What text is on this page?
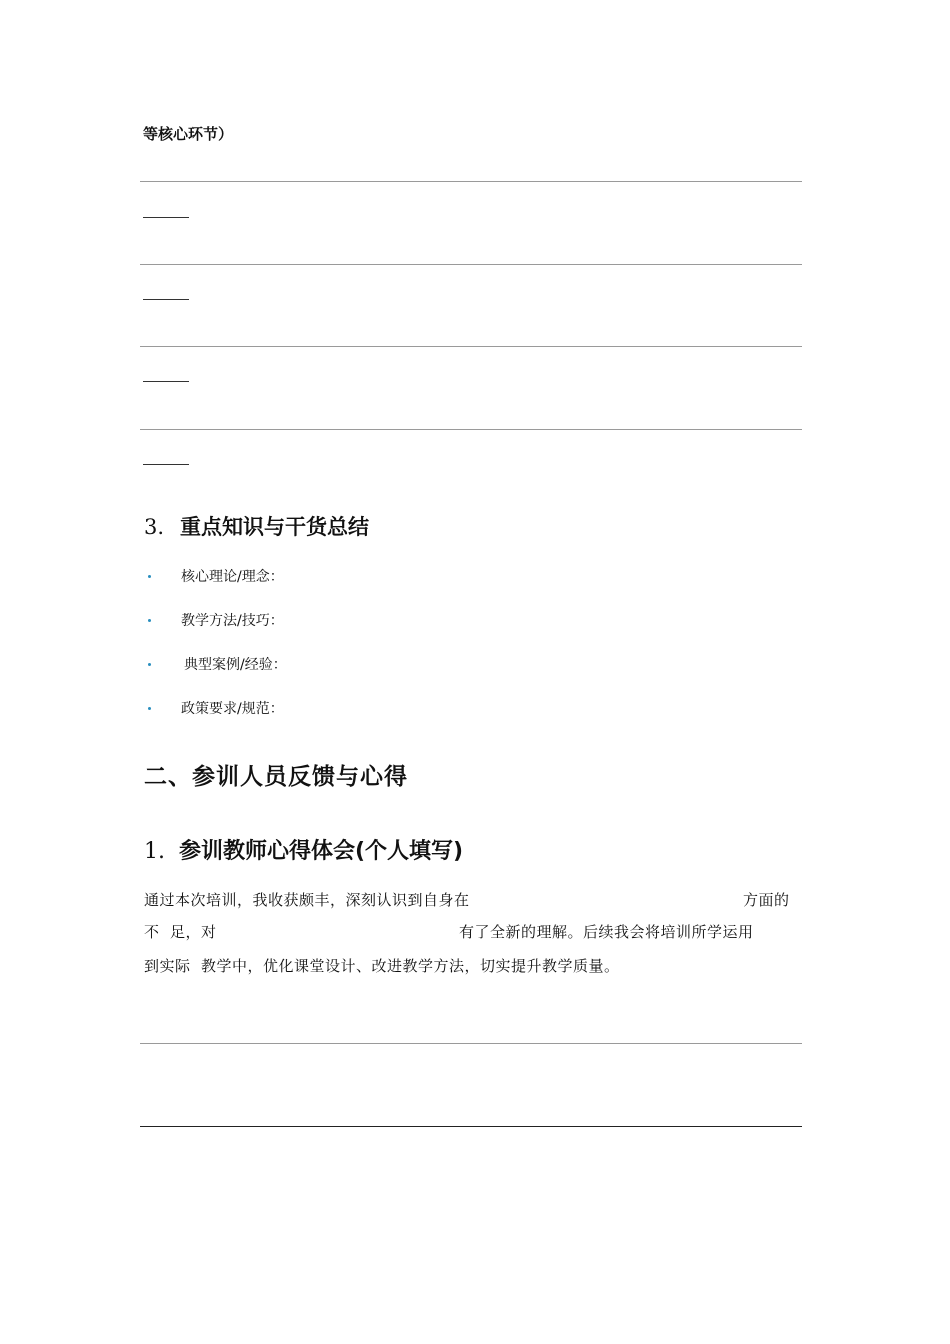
等核心环节）
3. 重点知识与干货总结
核心理论/理念：
教学方法/技巧：
典型案例/经验：
政策要求/规范：
二、参训人员反馈与心得
1. 参训教师心得体会(个人填写)
通过本次培训，我收获颇丰，深刻认识到自身在	方面的
不  足，对	有了全新的理解。后续我会将培训所学运用
到实际  教学中，优化课堂设计、改进教学方法，切实提升教学质量。
